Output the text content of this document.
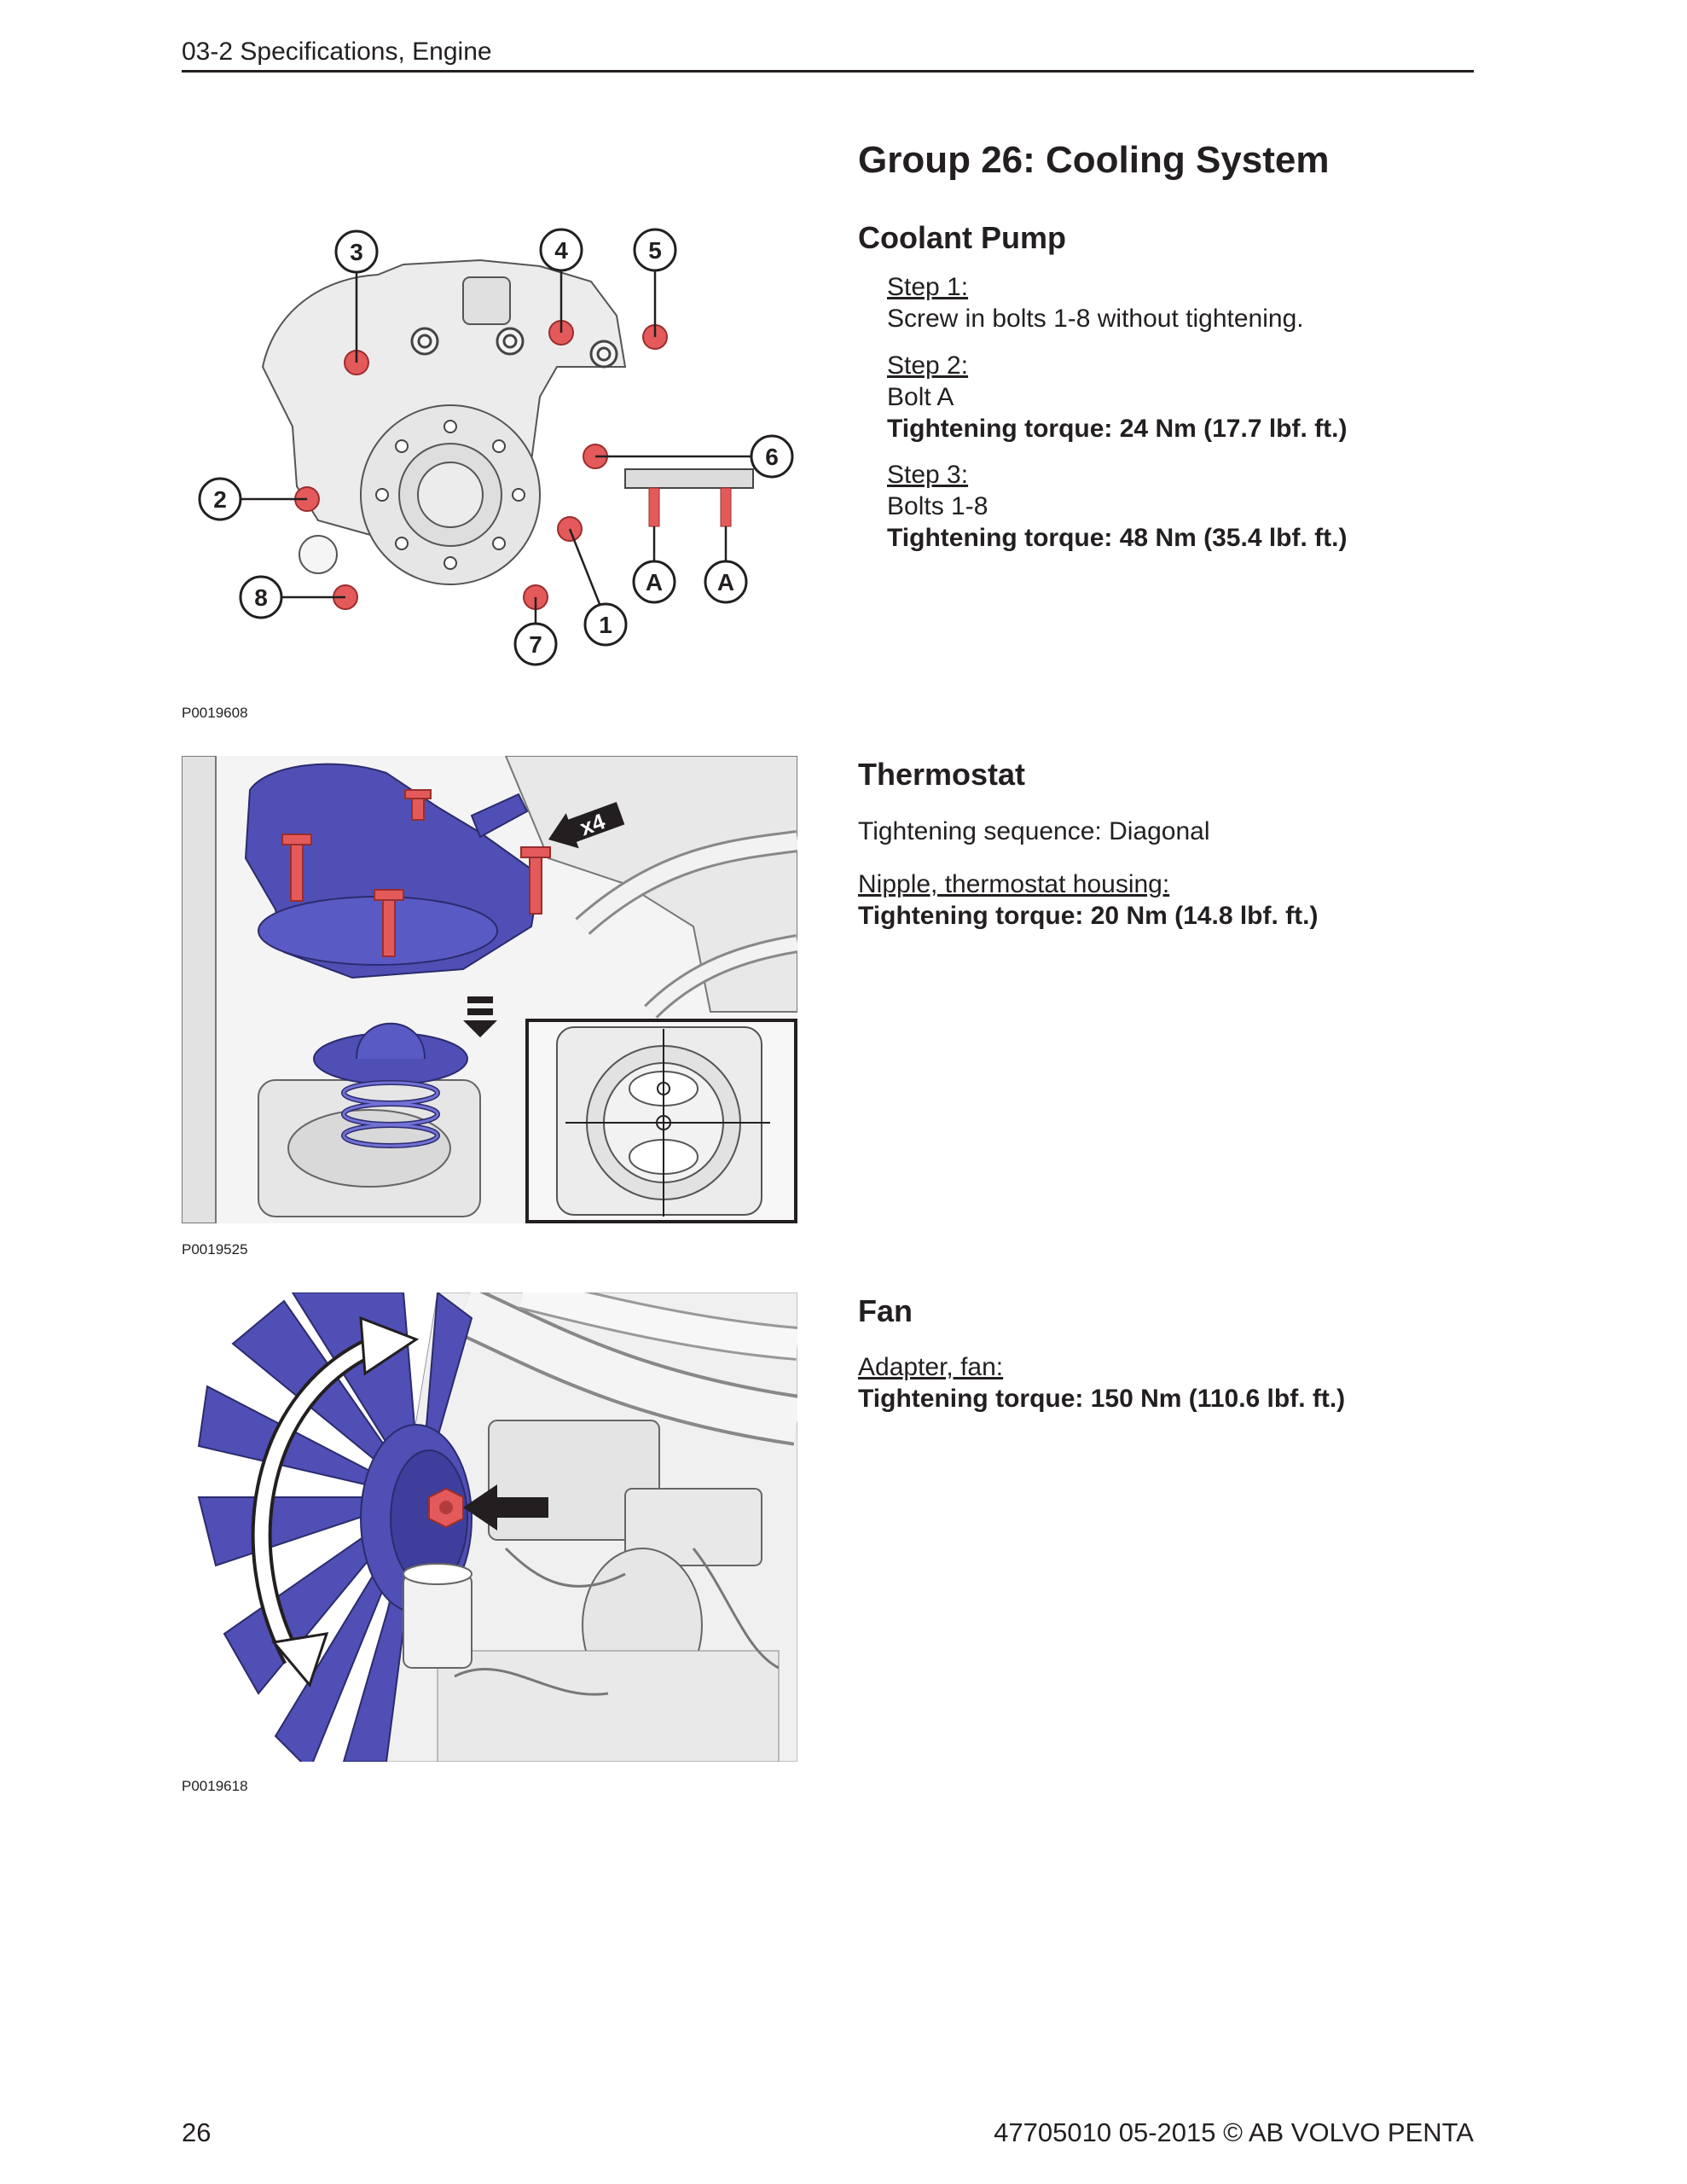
03-2 Specifications, Engine
3	4	5
6
2
8
7
1
A A
P0019608
x4
P0019525
P0019618
Group 26: Cooling System
Coolant Pump
Step 1:
Screw in bolts 1-8 without tightening.
Step 2:
Bolt A
Tightening torque: 24 Nm (17.7 lbf. ft.)
Step 3:
Bolts 1-8
Tightening torque: 48 Nm (35.4 lbf. ft.)
Thermostat
Tightening sequence: Diagonal
Nipple, thermostat housing:
Tightening torque: 20 Nm (14.8 lbf. ft.)
Fan
Adapter, fan:
Tightening torque: 150 Nm (110.6 lbf. ft.)
26	47705010 05-2015 © AB VOLVO PENTA
